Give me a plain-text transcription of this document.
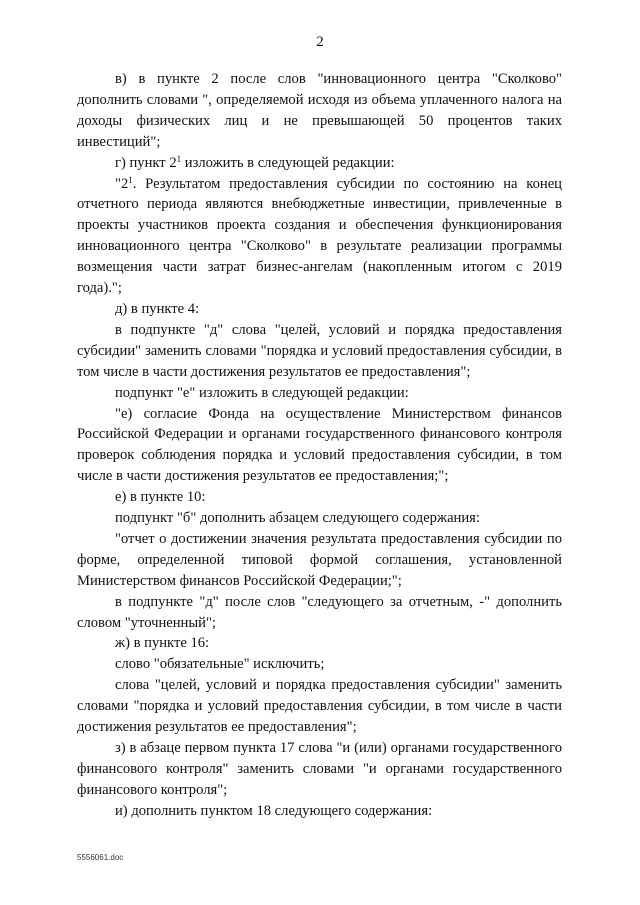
2

в) в пункте 2 после слов "инновационного центра "Сколково" дополнить словами ", определяемой исходя из объема уплаченного налога на доходы физических лиц и не превышающей 50 процентов таких инвестиций";

г) пункт $2^1$ изложить в следующей редакции:

"$2^1$. Результатом предоставления субсидии по состоянию на конец отчетного периода являются внебюджетные инвестиции, привлеченные в проекты участников проекта создания и обеспечения функционирования инновационного центра "Сколково" в результате реализации программы возмещения части затрат бизнес-ангелам (накопленным итогом с 2019 года).";

д) в пункте 4:

в подпункте "д" слова "целей, условий и порядка предоставления субсидии" заменить словами "порядка и условий предоставления субсидии, в том числе в части достижения результатов ее предоставления";

подпункт "е" изложить в следующей редакции:

"е) согласие Фонда на осуществление Министерством финансов Российской Федерации и органами государственного финансового контроля проверок соблюдения порядка и условий предоставления субсидии, в том числе в части достижения результатов ее предоставления;";

е) в пункте 10:

подпункт "б" дополнить абзацем следующего содержания:

"отчет о достижении значения результата предоставления субсидии по форме, определенной типовой формой соглашения, установленной Министерством финансов Российской Федерации;";

в подпункте "д" после слов "следующего за отчетным, -" дополнить словом "уточненный";

ж) в пункте 16:

слово "обязательные" исключить;

слова "целей, условий и порядка предоставления субсидии" заменить словами "порядка и условий предоставления субсидии, в том числе в части достижения результатов ее предоставления";

з) в абзаце первом пункта 17 слова "и (или) органами государственного финансового контроля" заменить словами "и органами государственного финансового контроля";

и) дополнить пунктом 18 следующего содержания:

5556061.doc
